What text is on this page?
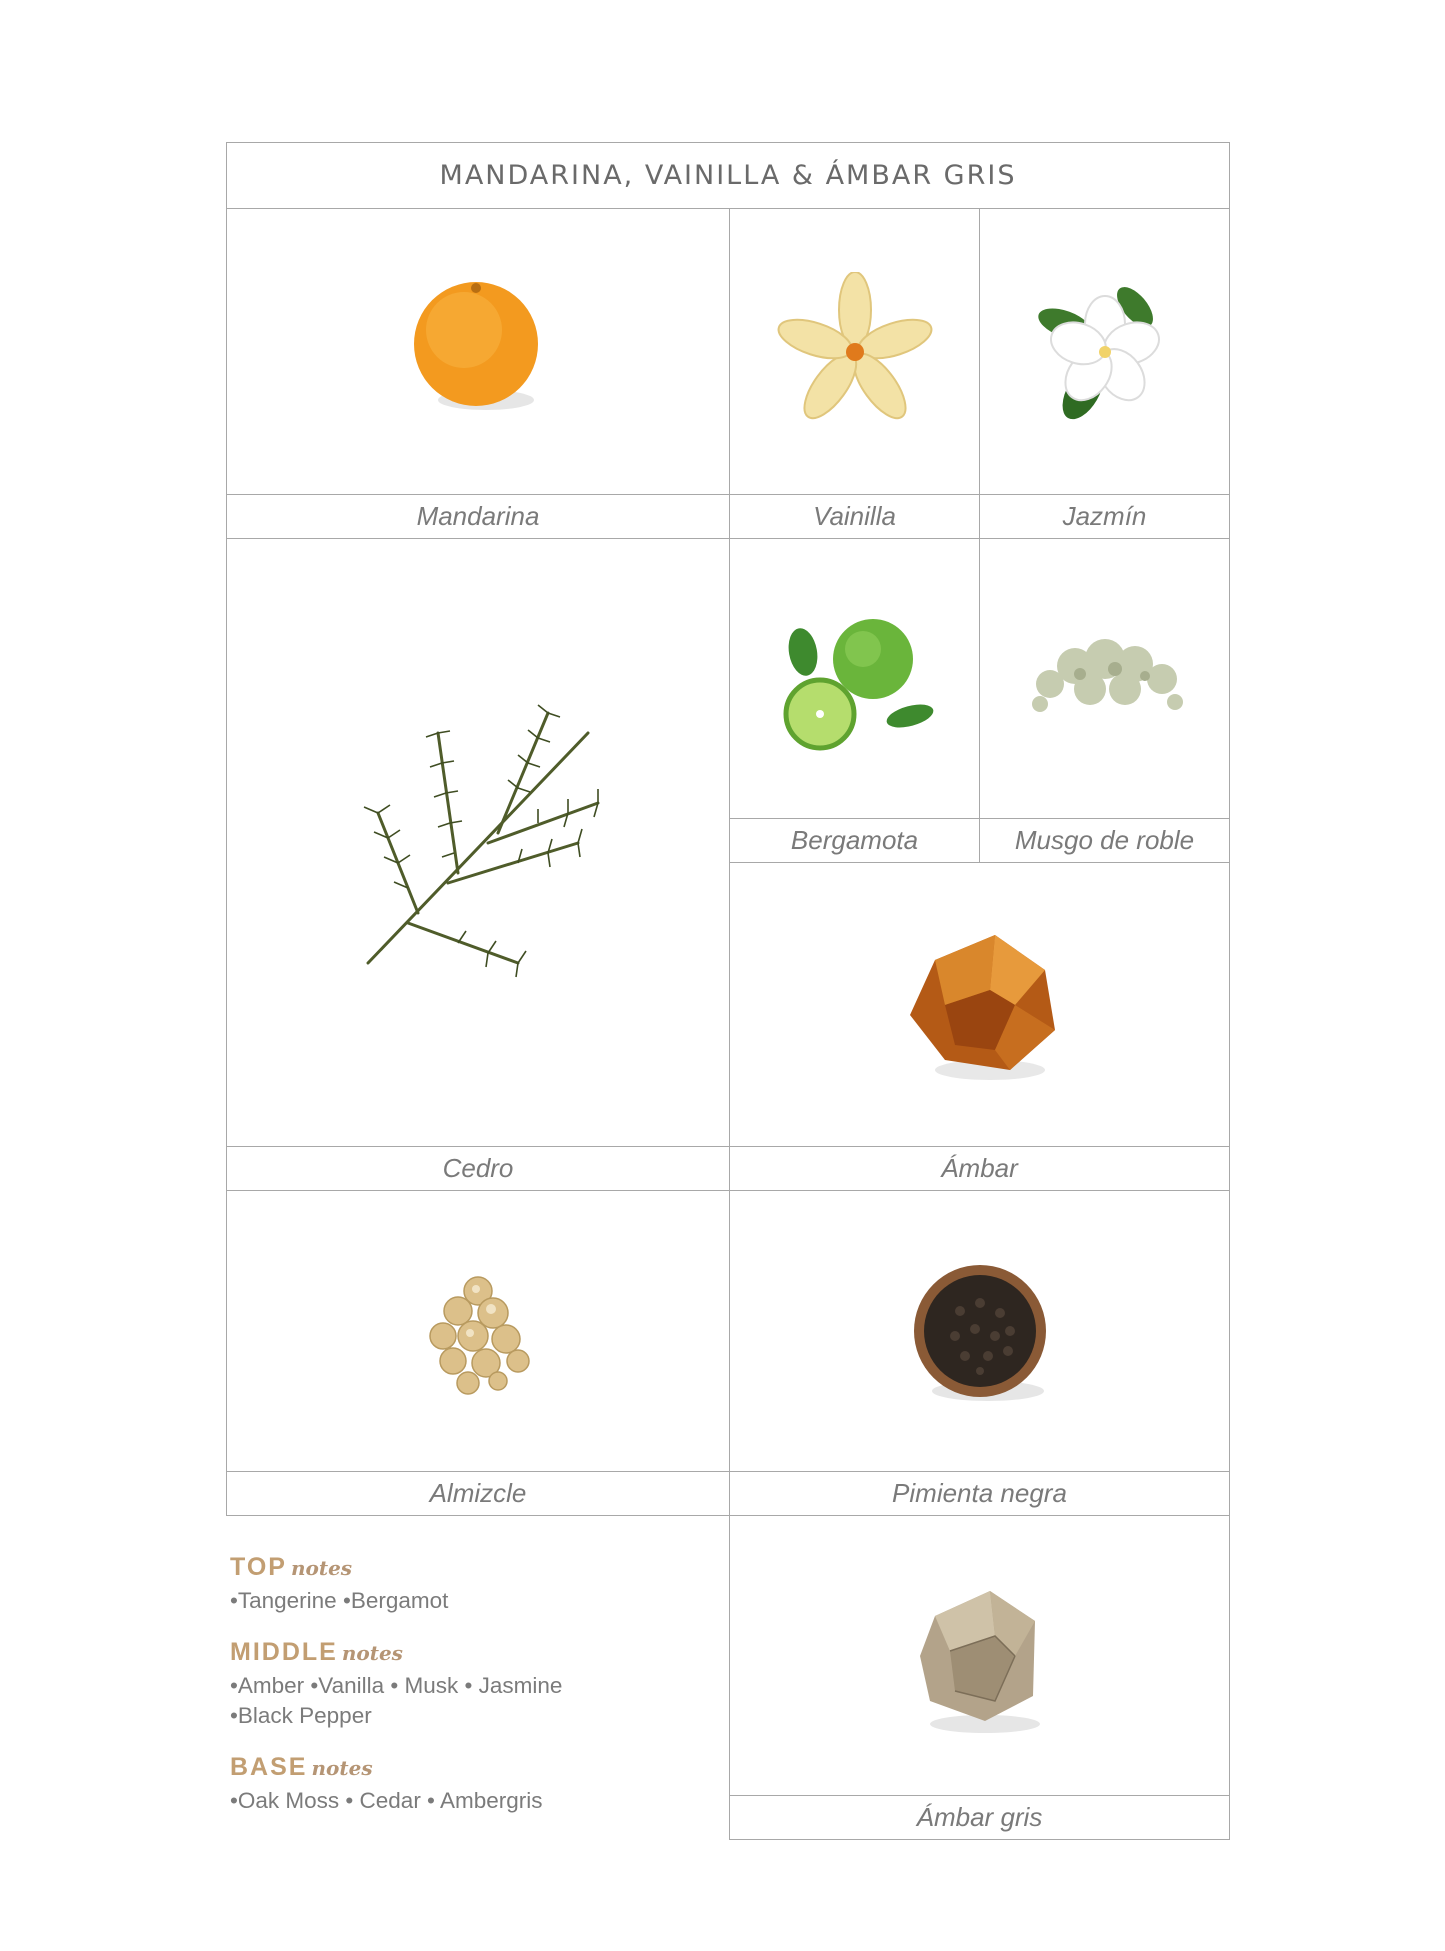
MANDARINA, VAINILLA & ÁMBAR GRIS
Mandarina	Vainilla	Jazmín
Bergamota	Musgo de roble
Cedro	Ámbar
Almizcle	Pimienta negra
Ámbar gris

TOP notes

•Tangerine •Bergamot

MIDDLE notes

•Amber •Vanilla • Musk • Jasmine
•Black Pepper

BASE notes

•Oak Moss • Cedar • Ambergris
